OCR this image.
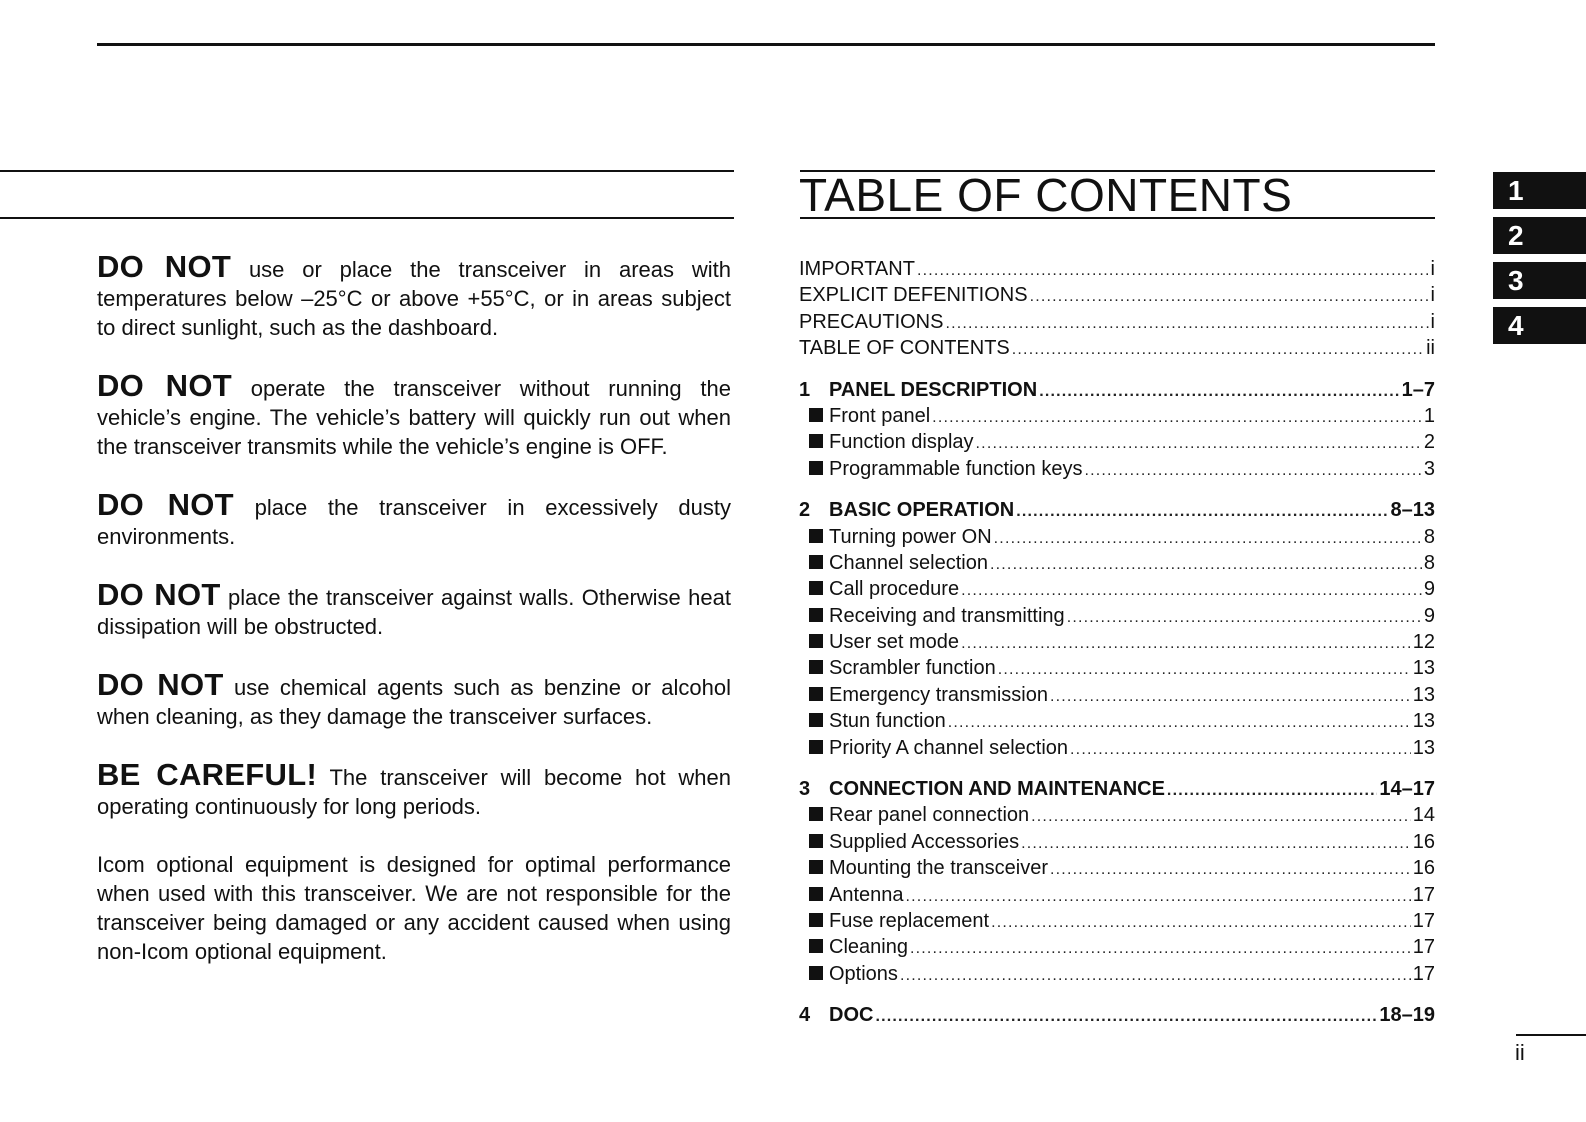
DO NOT use or place the transceiver in areas with temperatures below –25°C or above +55°C, or in areas subject to direct sunlight, such as the dashboard.

DO NOT operate the transceiver without running the vehicle’s engine. The vehicle’s battery will quickly run out when the transceiver transmits while the vehicle’s engine is OFF.

DO NOT place the transceiver in excessively dusty environments.

DO NOT place the transceiver against walls. Otherwise heat dissipation will be obstructed.

DO NOT use chemical agents such as benzine or alcohol when cleaning, as they damage the transceiver surfaces.

BE CAREFUL! The transceiver will become hot when operating continuously for long periods.

Icom optional equipment is designed for optimal performance when used with this transceiver. We are not responsible for the transceiver being damaged or any accident caused when using non-Icom optional equipment.

TABLE OF CONTENTS
IMPORTANT .....	i
EXPLICIT DEFENITIONS .....	i
PRECAUTIONS .....	i
TABLE OF CONTENTS .....	ii
1 PANEL DESCRIPTION .....	1–7
Front panel .....	1
Function display .....	2
Programmable function keys .....	3
2 BASIC OPERATION .....	8–13
Turning power ON .....	8
Channel selection .....	8
Call procedure .....	9
Receiving and transmitting .....	9
User set mode .....	12
Scrambler function .....	13
Emergency transmission .....	13
Stun function .....	13
Priority A channel selection .....	13
3 CONNECTION AND MAINTENANCE .....	14–17
Rear panel connection .....	14
Supplied Accessories .....	16
Mounting the transceiver .....	16
Antenna .....	17
Fuse replacement .....	17
Cleaning .....	17
Options .....	17
4 DOC .....	18–19
1
2
3
4
ii
